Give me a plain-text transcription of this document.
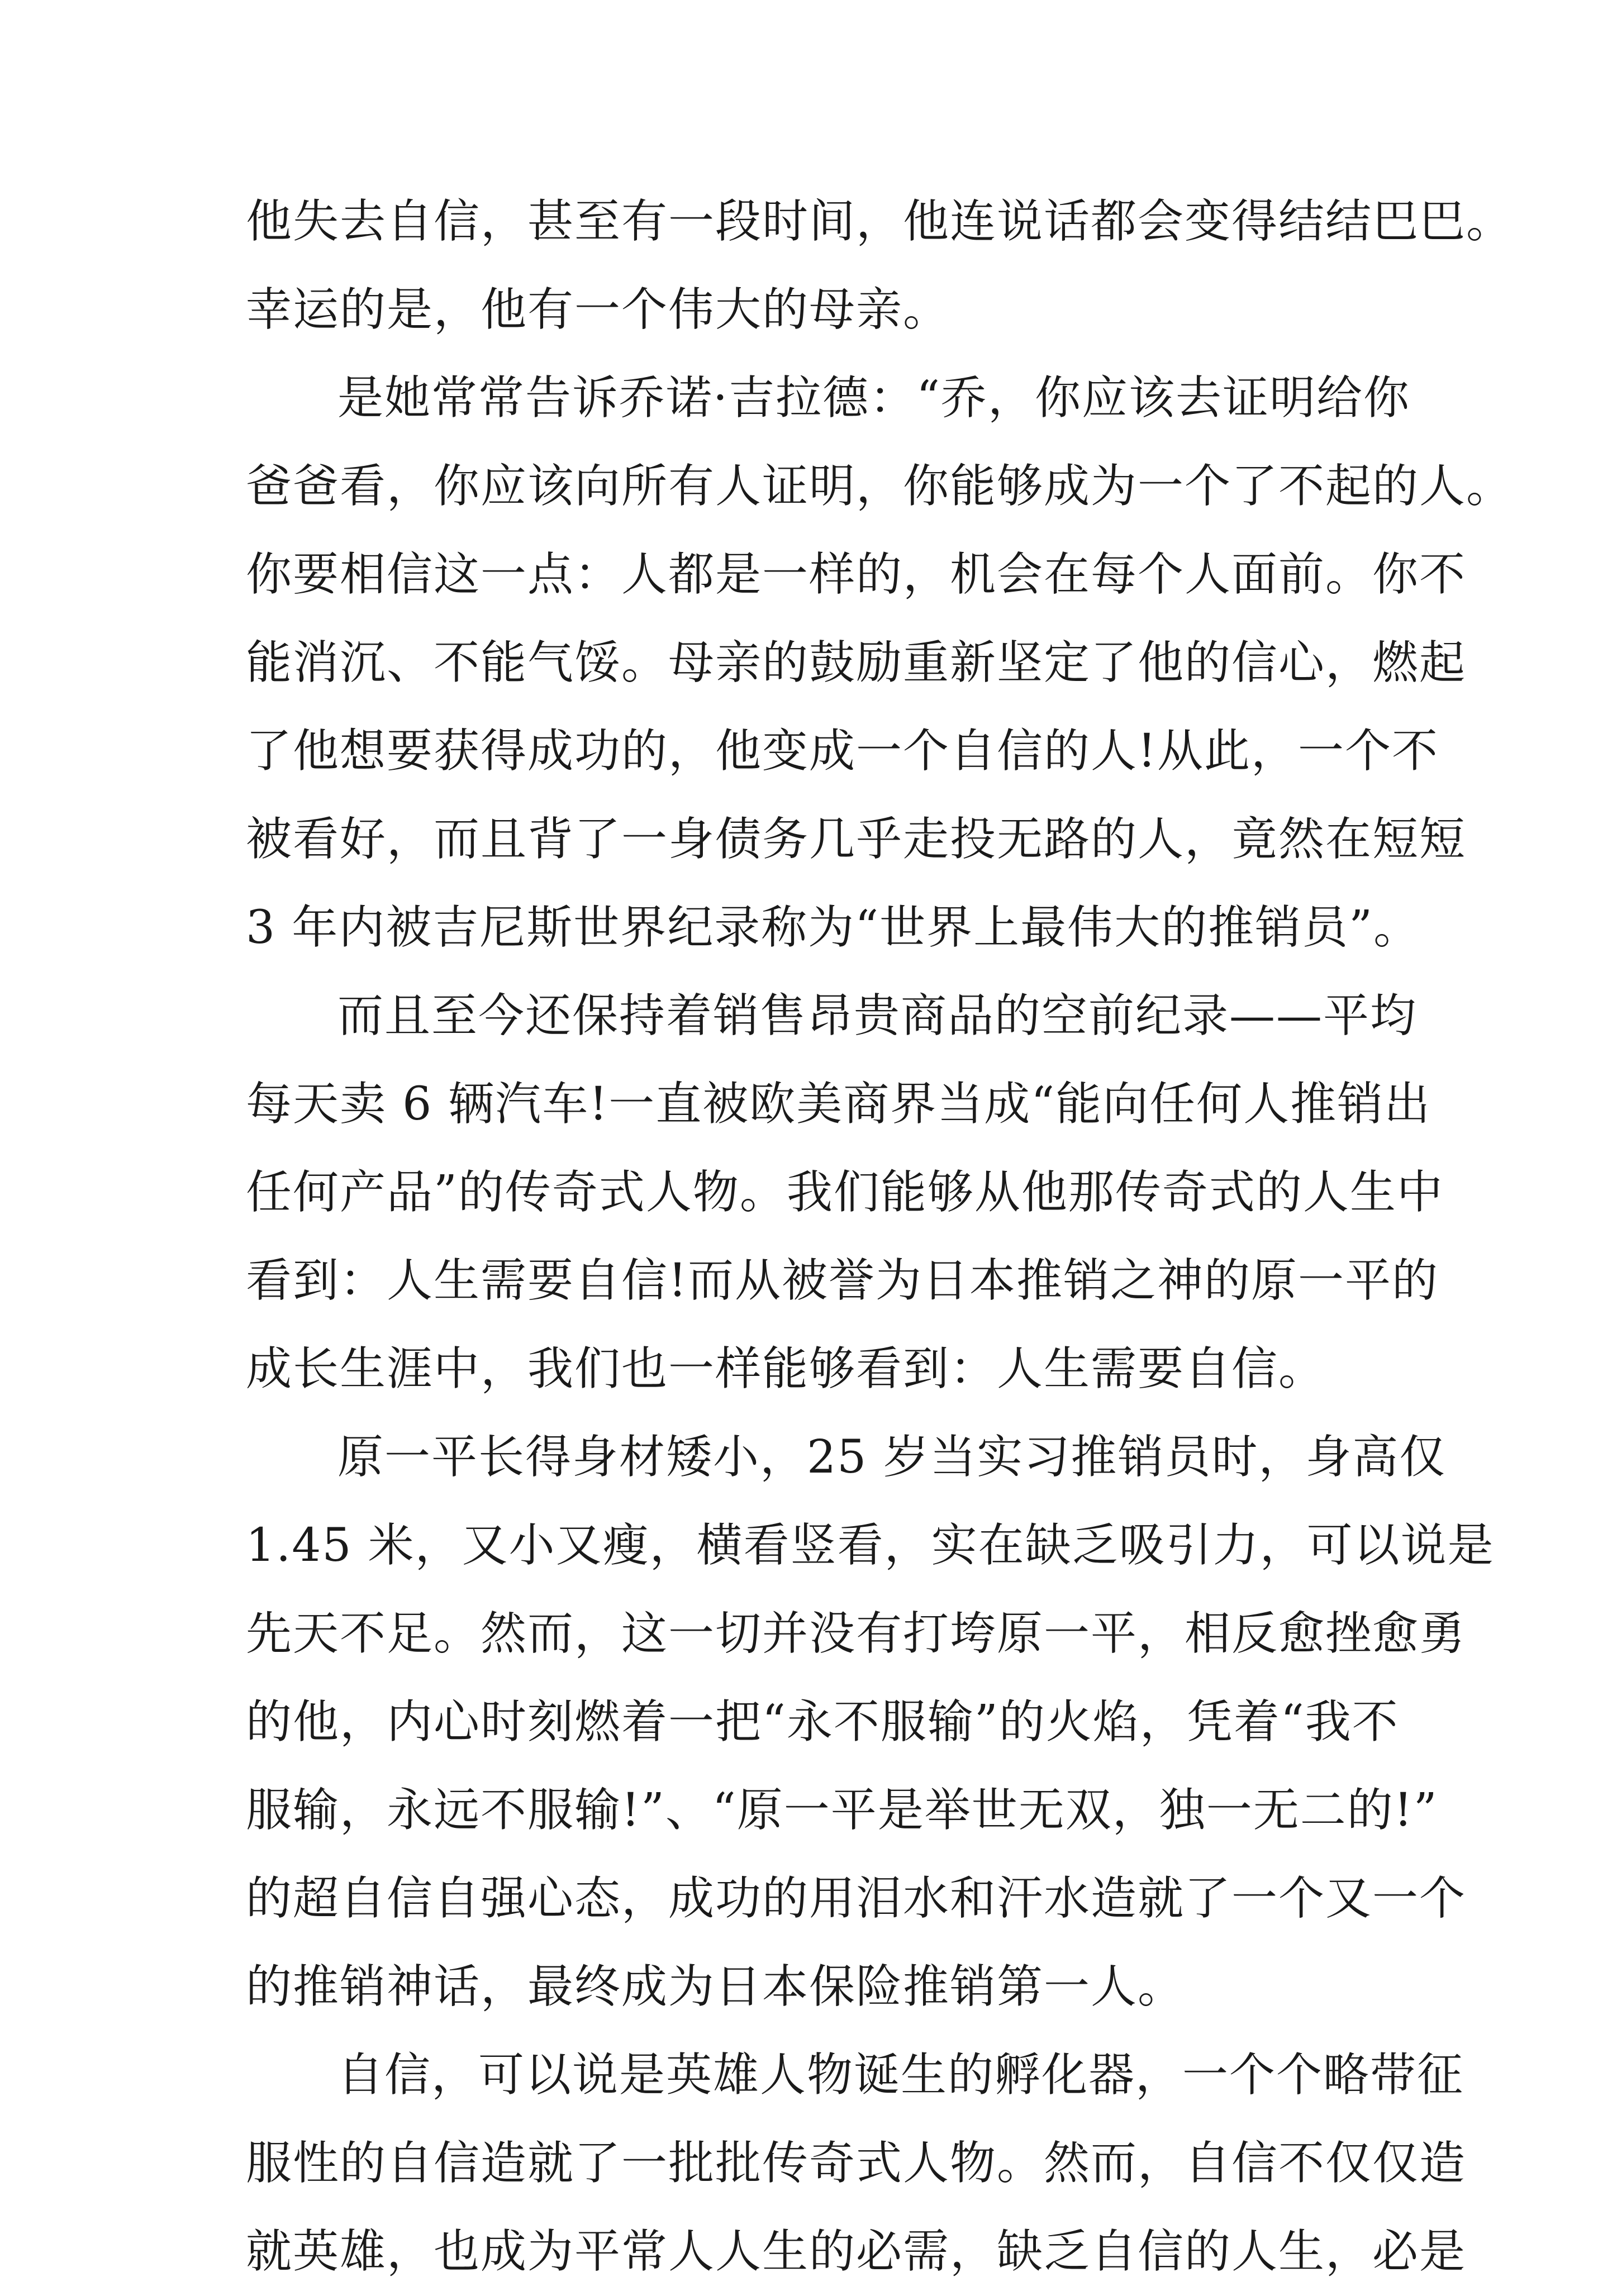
他失去自信，甚至有一段时间，他连说话都会变得结结巴巴。
幸运的是，他有一个伟大的母亲。
是她常常告诉乔诺·吉拉德：“乔，你应该去证明给你
爸爸看，你应该向所有人证明，你能够成为一个了不起的人。
你要相信这一点：人都是一样的，机会在每个人面前。你不
能消沉、不能气馁。母亲的鼓励重新坚定了他的信心，燃起
了他想要获得成功的，他变成一个自信的人!从此，一个不
被看好，而且背了一身债务几乎走投无路的人，竟然在短短
3 年内被吉尼斯世界纪录称为“世界上最伟大的推销员”。
而且至今还保持着销售昂贵商品的空前纪录——平均
每天卖 6 辆汽车!一直被欧美商界当成“能向任何人推销出
任何产品”的传奇式人物。我们能够从他那传奇式的人生中
看到：人生需要自信!而从被誉为日本推销之神的原一平的
成长生涯中，我们也一样能够看到：人生需要自信。
原一平长得身材矮小，25 岁当实习推销员时，身高仅
1.45 米，又小又瘦，横看竖看，实在缺乏吸引力，可以说是
先天不足。然而，这一切并没有打垮原一平，相反愈挫愈勇
的他，内心时刻燃着一把“永不服输”的火焰，凭着“我不
服输，永远不服输!”、“原一平是举世无双，独一无二的!”
的超自信自强心态，成功的用泪水和汗水造就了一个又一个
的推销神话，最终成为日本保险推销第一人。
自信，可以说是英雄人物诞生的孵化器，一个个略带征
服性的自信造就了一批批传奇式人物。然而，自信不仅仅造
就英雄，也成为平常人人生的必需，缺乏自信的人生，必是
